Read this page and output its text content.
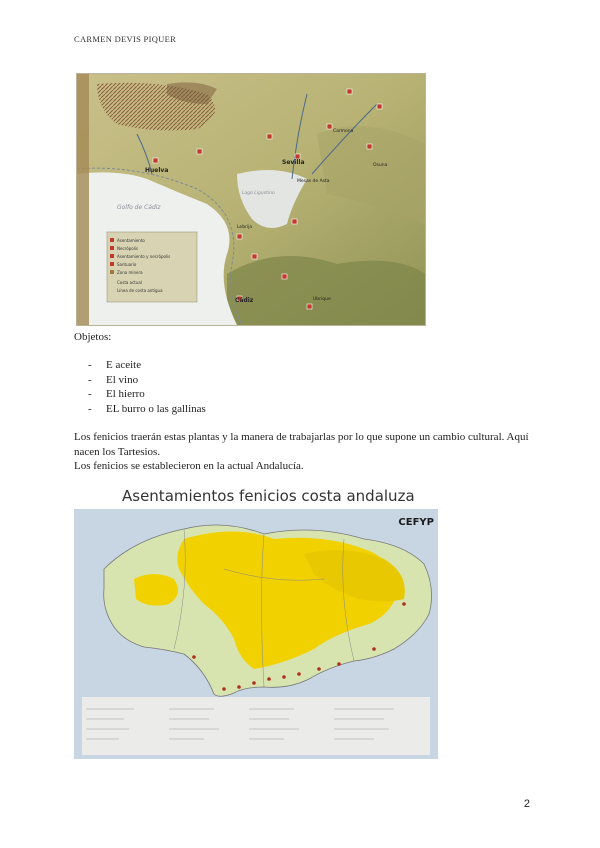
CARMEN DEVIS PIQUER
Asentamiento
Necrópolis
Asentamiento y necrópolis
Santuario
Zona minera
Costa actual
Línea de costa antigua
Huelva
Sevilla
Cádiz
Golfo de Cádiz
Lago Ligustino
Carmona
Osuna
Mesas de Asta
Lebrija
Ubrique
Objetos:
- E aceite
- El vino
- El hierro
- EL burro o las gallinas

Los fenicios traerán estas plantas y la manera de trabajarlas por lo que supone un cambio cultural. Aquí nacen los Tartesios.

Los fenicios se establecieron en la actual Andalucía.

Asentamientos fenicios costa andaluza
CEFYP
2
